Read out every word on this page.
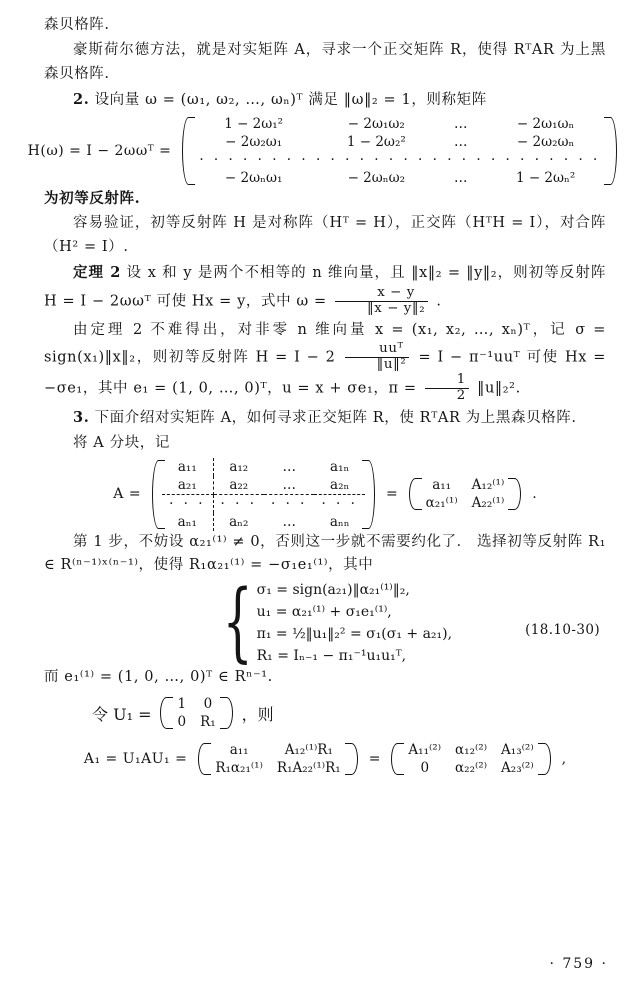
森贝格阵.

豪斯荷尔德方法，就是对实矩阵 A，寻求一个正交矩阵 R，使得 RᵀAR 为上黑森贝格阵.

2. 设向量 ω = (ω₁, ω₂, …, ωₙ)ᵀ 满足 ‖ω‖₂ = 1，则称矩阵

H(ω) = I − 2ωωᵀ =
1 − 2ω₁²	− 2ω₁ω₂	…	− 2ω₁ωₙ
− 2ω₂ω₁	1 − 2ω₂²	…	− 2ω₂ωₙ
· · · · · · · · · · · · · · · · · · · · · · · · · · · ·			
− 2ωₙω₁	− 2ωₙω₂	…	1 − 2ωₙ²

为初等反射阵.

容易验证，初等反射阵 H 是对称阵（Hᵀ = H），正交阵（HᵀH = I），对合阵（H² = I）.

定理 2 设 x 和 y 是两个不相等的 n 维向量，且 ‖x‖₂ = ‖y‖₂，则初等反射阵 H = I − 2ωωᵀ 可使 Hx = y，式中 $\omega = \frac{x - y}{\text{‖x − y‖₂}}$ .

由定理 2 不难得出，对非零 n 维向量 x = (x₁, x₂, …, xₙ)ᵀ，记 σ = sign(x₁)‖x‖₂，则初等反射阵 $H = I - 2 \frac{\text{uuᵀ}}{\text{‖u‖²}} = I$ − π⁻¹uuᵀ 可使 Hx = −σe₁，其中 e₁ = (1, 0, …, 0)ᵀ，u = x + σe₁，$\pi = \frac{1}{2}$ ‖u‖₂².

3. 下面介绍对实矩阵 A，如何寻求正交矩阵 R，使 RᵀAR 为上黑森贝格阵.

将 A 分块，记

A =
a₁₁	a₁₂	…	a₁ₙ
a₂₁	a₂₂	…	a₂ₙ
· · ·	· · ·	· · ·	· · ·
aₙ₁	aₙ₂	…	aₙₙ
=
a₁₁	A₁₂⁽¹⁾
α₂₁⁽¹⁾	A₂₂⁽¹⁾
.

第 1 步，不妨设 α₂₁⁽¹⁾ ≠ 0，否则这一步就不需要约化了． 选择初等反射阵 R₁ ∈ R⁽ⁿ⁻¹⁾ˣ⁽ⁿ⁻¹⁾，使得 R₁α₂₁⁽¹⁾ = −σ₁e₁⁽¹⁾，其中

{ σ₁ = sign(a₂₁)‖α₂₁⁽¹⁾‖₂,
u₁ = α₂₁⁽¹⁾ + σ₁e₁⁽¹⁾,
π₁ = ½‖u₁‖₂² = σ₁(σ₁ + a₂₁),
R₁ = Iₙ₋₁ − π₁⁻¹u₁u₁ᵀ,
(18.10-30)

而 e₁⁽¹⁾ = (1, 0, …, 0)ᵀ ∈ Rⁿ⁻¹.

令 U₁ =
1	0
0	R₁ ，则
A₁ = U₁AU₁ =
a₁₁	A₁₂⁽¹⁾R₁
R₁α₂₁⁽¹⁾	R₁A₂₂⁽¹⁾R₁
=
A₁₁⁽²⁾	α₁₂⁽²⁾	A₁₃⁽²⁾
0	α₂₂⁽²⁾	A₂₃⁽²⁾
,
· 759 ·
